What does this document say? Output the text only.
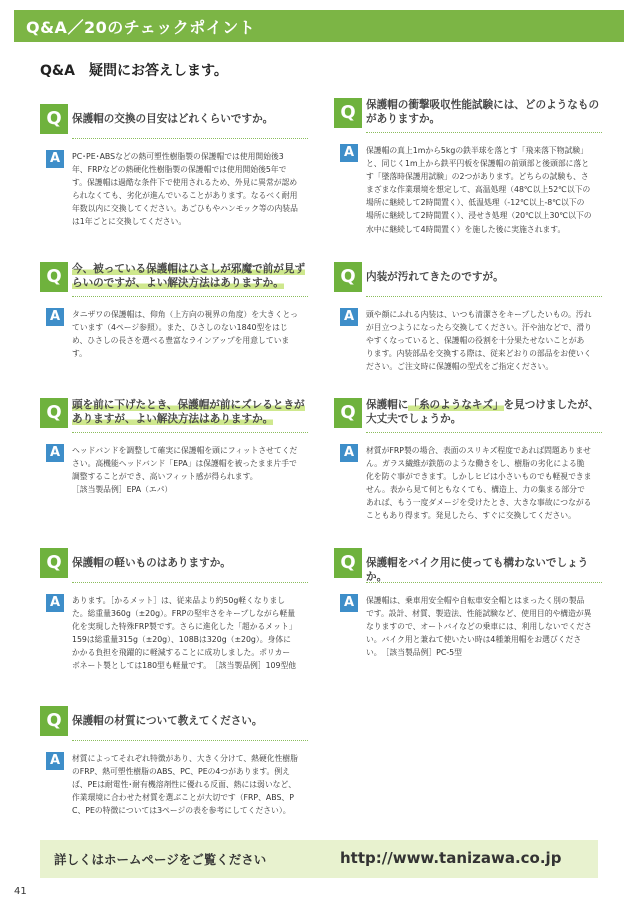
Q&A／20のチェックポイント
Q&A　疑問にお答えします。
Q 保護帽の交換の目安はどれくらいですか。
A	PC･PE･ABSなどの熱可塑性樹脂製の保護帽では使用開始後3年、FRPなどの熱硬化性樹脂製の保護帽では使用開始後5年です。保護帽は過酷な条件下で使用されるため、外見に異常が認められなくても、劣化が進んでいることがあります。なるべく耐用年数以内に交換してください。あごひもやハンモック等の内装品は1年ごとに交換してください。
Q 今、被っている保護帽はひさしが邪魔で前が見ずらいのですが、よい解決方法はありますか。
A	タニザワの保護帽は、仰角（上方向の視界の角度）を大きくとっています（4ページ参照）。また、ひさしのない1840型をはじめ、ひさしの長さを選べる豊富なラインアップを用意しています。
Q 頭を前に下げたとき、保護帽が前にズレるときがありますが、よい解決方法はありますか。
A	ヘッドバンドを調整して確実に保護帽を頭にフィットさせてください。高機能ヘッドバンド「EPA」は保護帽を被ったまま片手で調整することができ、高いフィット感が得られます。
［該当製品例］EPA（エパ）
Q 保護帽の軽いものはありますか。
A	あります。［かるメット］は、従来品より約50g軽くなりました。総重量360g（±20g）。FRPの堅牢さをキープしながら軽量化を実現した特殊FRP製です。さらに進化した「超かるメット」159は総重量315g（±20g）、108Bは320g（±20g）。身体にかかる負担を飛躍的に軽減することに成功しました。ポリカーボネート製としては180型も軽量です。　 ［該当製品例］109型他
Q 保護帽の材質について教えてください。
A	材質によってそれぞれ特徴があり、大きく分けて、熱硬化性樹脂のFRP、熱可塑性樹脂のABS、PC、PEの4つがあります。例えば、PEは耐電性･耐有機溶剤性に優れる反面、熱には弱いなど、作業環境に合わせた材質を選ぶことが大切です（FRP、ABS、PC、PEの特徴については3ページの表を参考にしてください）。
Q 保護帽の衝撃吸収性能試験には、どのようなものがありますか。
A	保護帽の真上1mから5kgの鉄半球を落とす「飛来落下物試験」と、同じく1m上から鉄平円板を保護帽の前頭部と後頭部に落とす「墜落時保護用試験」の2つがあります。どちらの試験も、さまざまな作業環境を想定して、高温処理（48℃以上52℃以下の場所に継続して2時間置く）、低温処理（-12℃以上-8℃以下の場所に継続して2時間置く）、浸せき処理（20℃以上30℃以下の水中に継続して4時間置く）を施した後に実施されます。
Q 内装が汚れてきたのですが。
A	頭や顔にふれる内装は、いつも清潔さをキープしたいもの。汚れが目立つようになったら交換してください。汗や油などで、滑りやすくなっていると、保護帽の役割を十分果たせないことがあります。内装部品を交換する際は、従来どおりの部品をお使いください。ご注文時に保護帽の型式をご指定ください。
Q 保護帽に「糸のようなキズ」を見つけましたが、大丈夫でしょうか。
A	材質がFRP製の場合、表面のスリキズ程度であれば問題ありません。ガラス繊維が鉄筋のような働きをし、樹脂の劣化による脆化を防ぐ事ができます。しかしヒビは小さいものでも軽視できません。表から見て何ともなくても、構造上、力の集まる部分であれば、もう一度ダメージを受けたとき、大きな事故につながることもあり得ます。発見したら、すぐに交換してください。
Q 保護帽をバイク用に使っても構わないでしょうか。
A	保護帽は、乗車用安全帽や自転車安全帽とはまったく別の製品です。設計、材質、製造法、性能試験など、使用目的や構造が異なりますので、オートバイなどの乗車には、利用しないでください。バイク用と兼ねて使いたい時は4種兼用帽をお選びください。　 ［該当製品例］PC-5型
詳しくはホームページをご覧ください	http://www.tanizawa.co.jp
41
